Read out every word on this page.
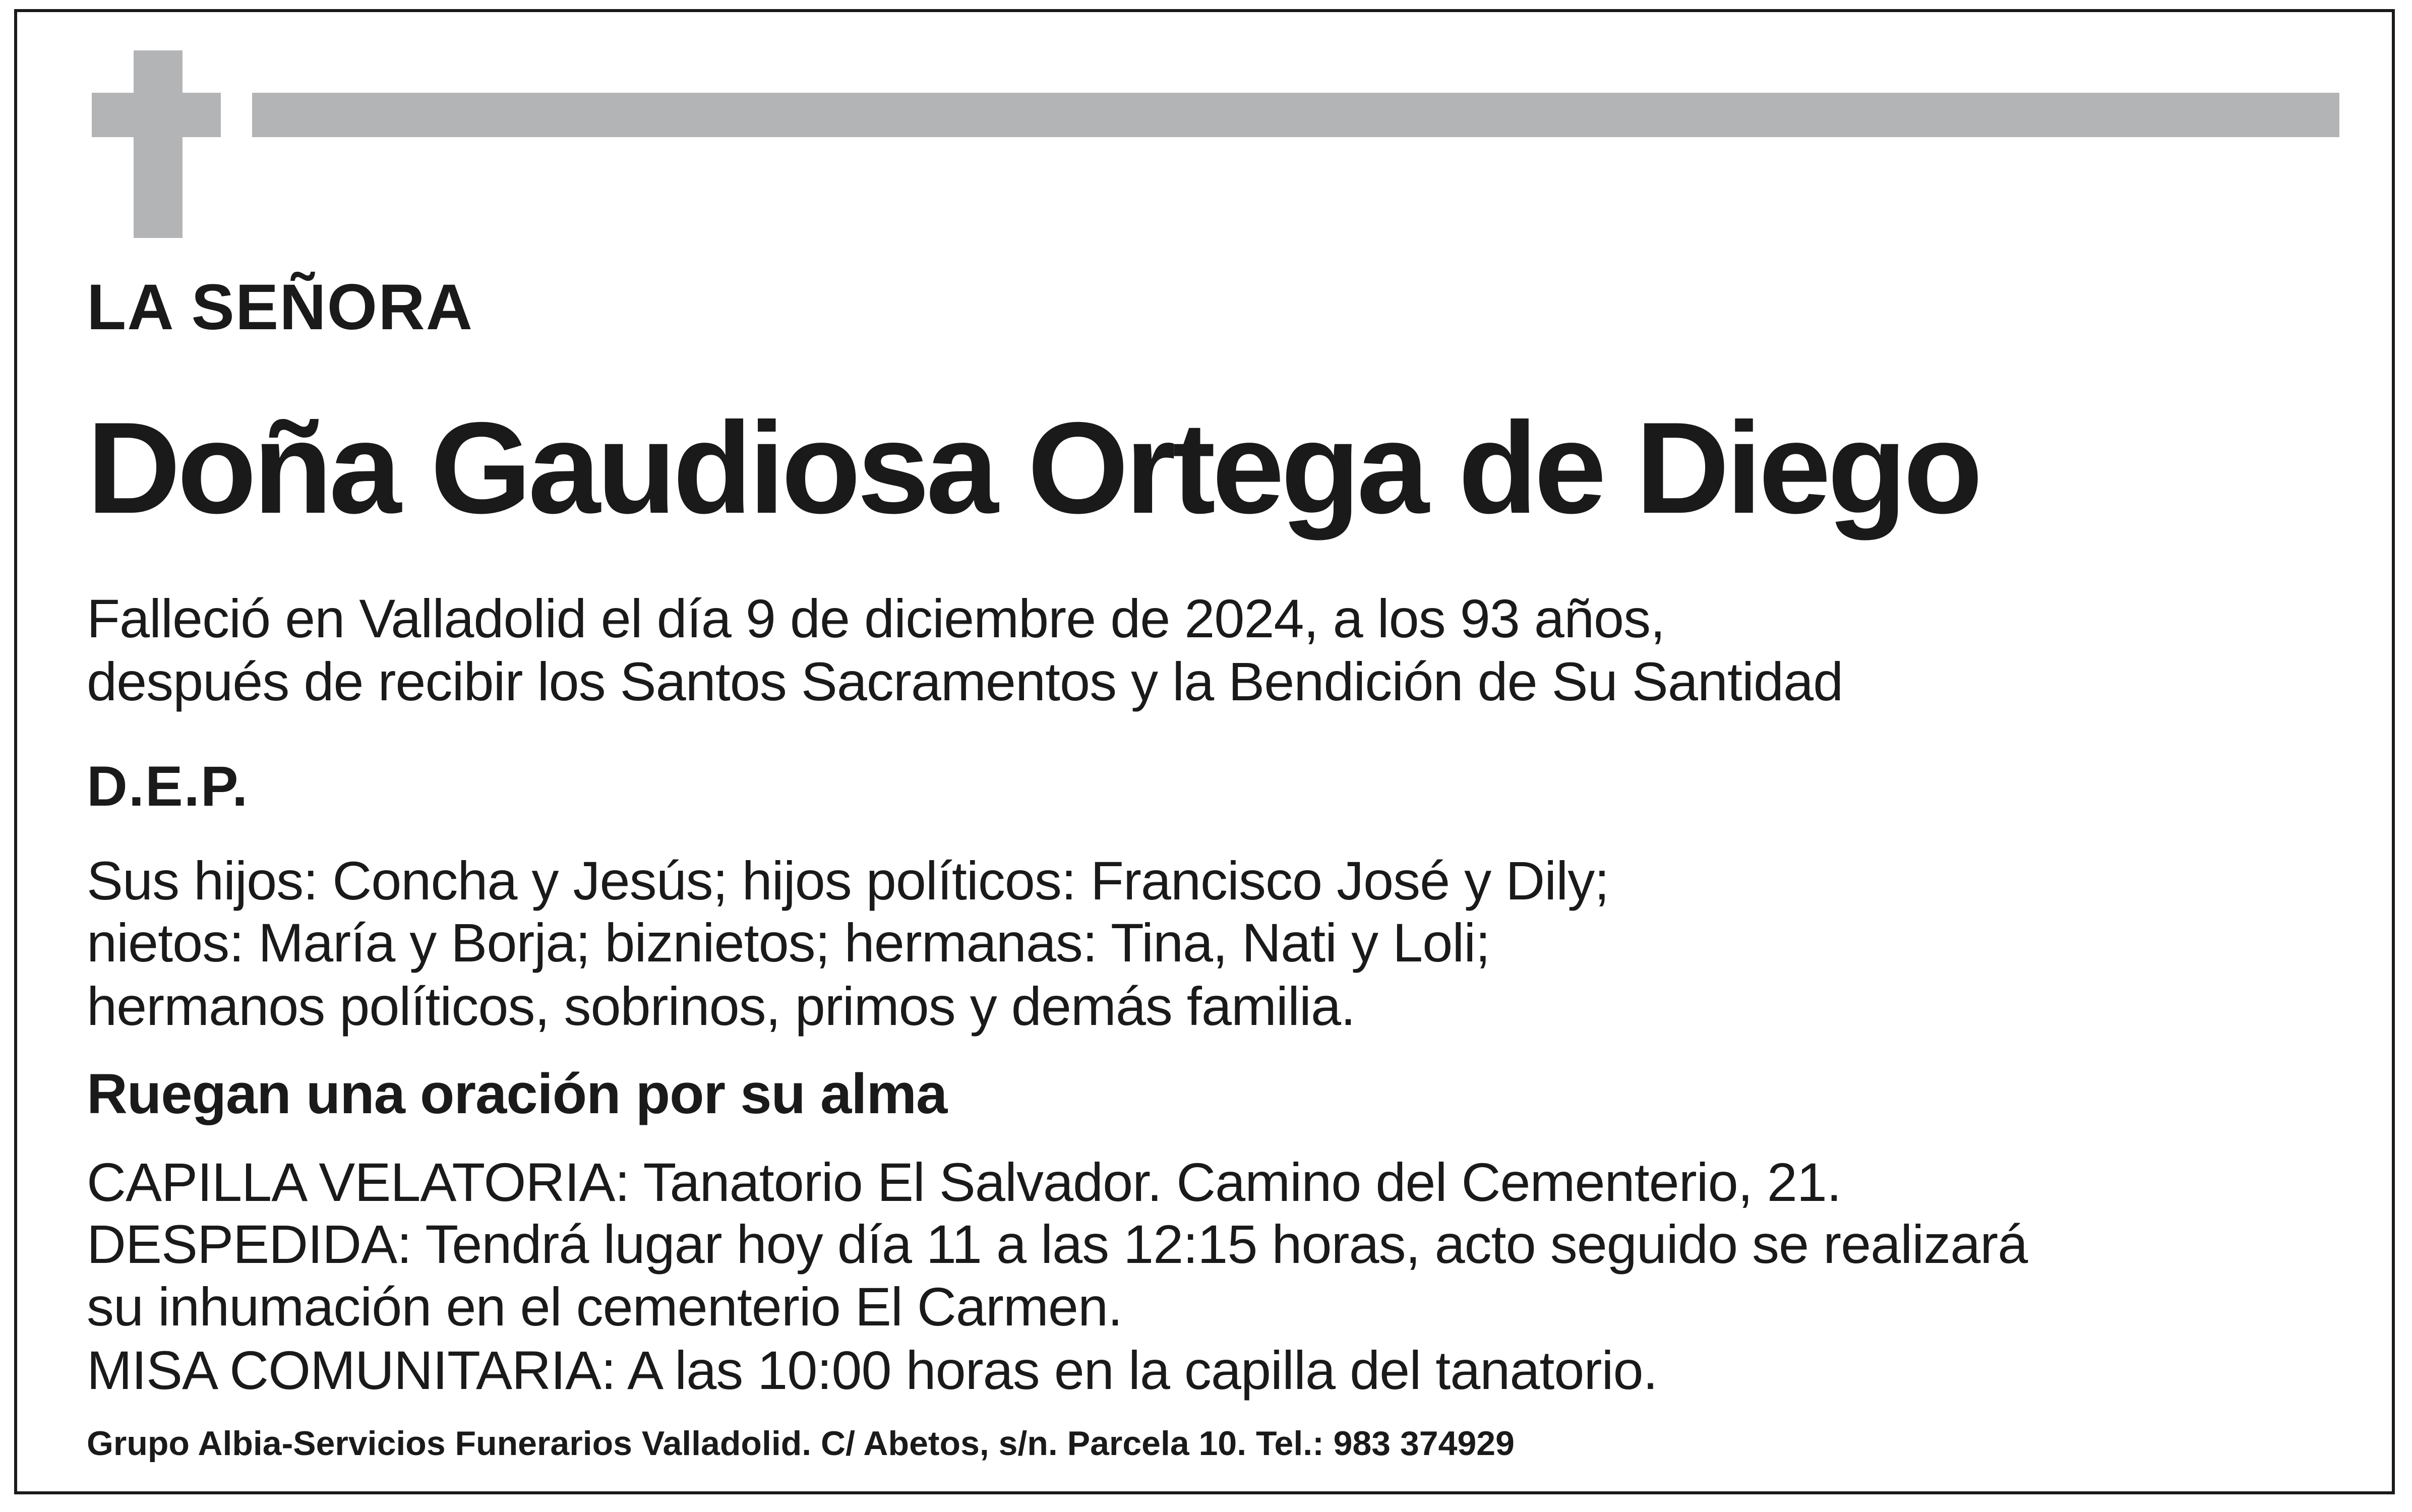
LA SEÑORA

Doña Gaudiosa Ortega de Diego

Falleció en Valladolid el día 9 de diciembre de 2024, a los 93 años,

después de recibir los Santos Sacramentos y la Bendición de Su Santidad

D.E.P.

Sus hijos: Concha y Jesús; hijos políticos: Francisco José y Dily;

nietos: María y Borja; biznietos; hermanas: Tina, Nati y Loli;

hermanos políticos, sobrinos, primos y demás familia.

Ruegan una oración por su alma

CAPILLA VELATORIA: Tanatorio El Salvador. Camino del Cementerio, 21.

DESPEDIDA: Tendrá lugar hoy día 11 a las 12:15 horas, acto seguido se realizará

su inhumación en el cementerio El Carmen.

MISA COMUNITARIA: A las 10:00 horas en la capilla del tanatorio.

Grupo Albia-Servicios Funerarios Valladolid. C/ Abetos, s/n. Parcela 10. Tel.: 983 374929
